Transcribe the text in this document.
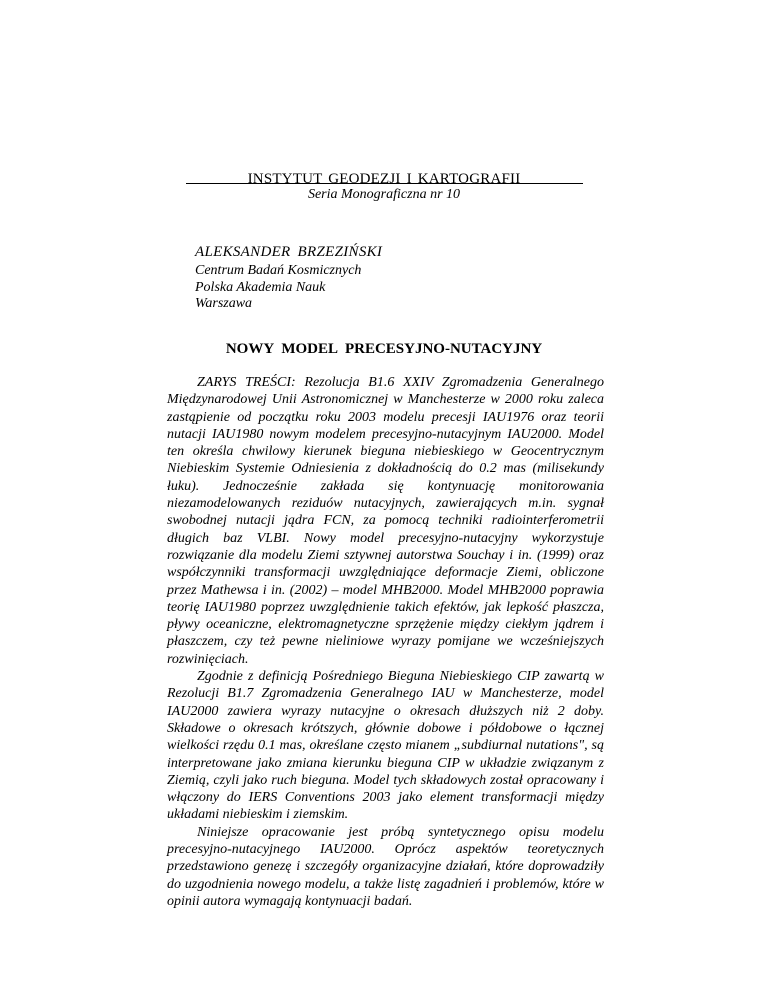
INSTYTUT GEODEZJI I KARTOGRAFII
Seria Monograficzna nr 10
ALEKSANDER BRZEZIŃSKI
Centrum Badań Kosmicznych
Polska Akademia Nauk
Warszawa
NOWY MODEL PRECESYJNO-NUTACYJNY

ZARYS TREŚCI: Rezolucja B1.6 XXIV Zgromadzenia Generalnego Międzynarodowej Unii Astronomicznej w Manchesterze w 2000 roku zaleca zastąpienie od początku roku 2003 modelu precesji IAU1976 oraz teorii nutacji IAU1980 nowym modelem precesyjno-nutacyjnym IAU2000. Model ten określa chwilowy kierunek bieguna niebieskiego w Geocentrycznym Niebieskim Systemie Odniesienia z dokładnością do 0.2 mas (milisekundy łuku). Jednocześnie zakłada się kontynuację monitorowania niezamodelowanych reziduów nutacyjnych, zawierających m.in. sygnał swobodnej nutacji jądra FCN, za pomocą techniki radiointerferometrii długich baz VLBI. Nowy model precesyjno-nutacyjny wykorzystuje rozwiązanie dla modelu Ziemi sztywnej autorstwa Souchay i in. (1999) oraz współczynniki transformacji uwzględniające deformacje Ziemi, obliczone przez Mathewsa i in. (2002) – model MHB2000. Model MHB2000 poprawia teorię IAU1980 poprzez uwzględnienie takich efektów, jak lepkość płaszcza, pływy oceaniczne, elektromagnetyczne sprzężenie między ciekłym jądrem i płaszczem, czy też pewne nieliniowe wyrazy pomijane we wcześniejszych rozwinięciach.

Zgodnie z definicją Pośredniego Bieguna Niebieskiego CIP zawartą w Rezolucji B1.7 Zgromadzenia Generalnego IAU w Manchesterze, model IAU2000 zawiera wyrazy nutacyjne o okresach dłuższych niż 2 doby. Składowe o okresach krótszych, głównie dobowe i półdobowe o łącznej wielkości rzędu 0.1 mas, określane często mianem „subdiurnal nutations", są interpretowane jako zmiana kierunku bieguna CIP w układzie związanym z Ziemią, czyli jako ruch bieguna. Model tych składowych został opracowany i włączony do IERS Conventions 2003 jako element transformacji między układami niebieskim i ziemskim.

Niniejsze opracowanie jest próbą syntetycznego opisu modelu precesyjno-nutacyjnego IAU2000. Oprócz aspektów teoretycznych przedstawiono genezę i szczegóły organizacyjne działań, które doprowadziły do uzgodnienia nowego modelu, a także listę zagadnień i problemów, które w opinii autora wymagają kontynuacji badań.
